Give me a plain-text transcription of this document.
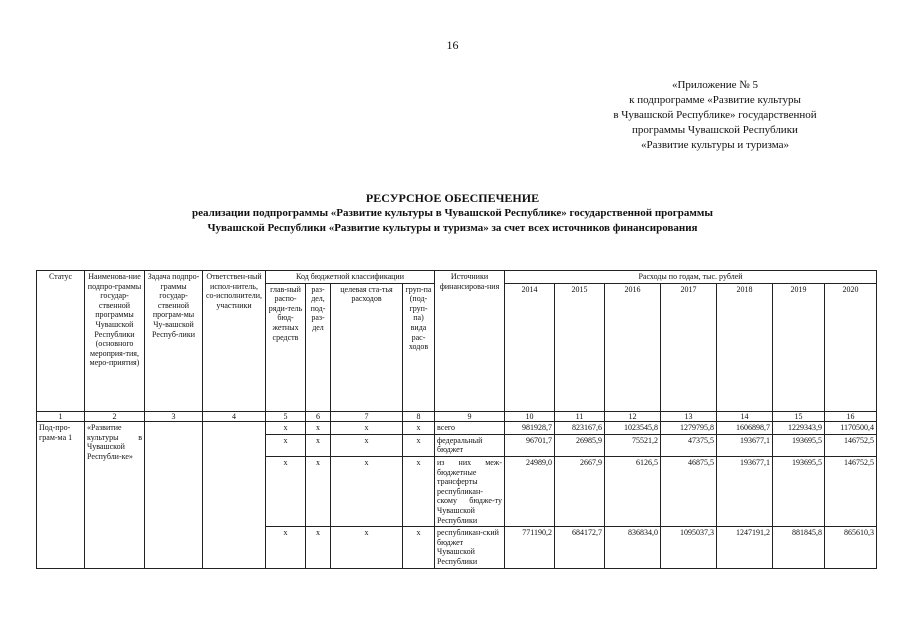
16
«Приложение № 5
к подпрограмме «Развитие культуры
в Чувашской Республике» государственной
программы Чувашской Республики
«Развитие культуры и туризма»
РЕСУРСНОЕ ОБЕСПЕЧЕНИЕ
реализации подпрограммы «Развитие культуры в Чувашской Республике» государственной программы
Чувашской Республики «Развитие культуры и туризма» за счет всех источников финансирования
Статус	Наименова-ние подпро-граммы государ-ственной программы Чувашской Республики (основного мероприя-тия, меро-приятия)	Задача подпро-граммы государ-ственной програм-мы Чу-вашской Респуб-лики	Ответствен-ный испол-нитель, со-исполнители, участники	Код бюджетной классификации				Источники финансирова-ния	Расходы по годам, тыс. рублей						
				глав-ный распо-ряди-тель бюд-жетных средств	раз-дел, под-раз-дел	целевая ста-тья расходов	груп-па (под-груп-па) вида рас-ходов		2014	2015	2016	2017	2018	2019	2020
1	2	3	4	5	6	7	8	9	10	11	12	13	14	15	16
Под-про-грам-ма 1	«Развитие культуры в Чувашской Республи-ке»			х	х	х	х	всего	981928,7	823167,6	1023545,8	1279795,8	1606898,7	1229343,9	1170500,4
				х	х	х	х	федеральный бюджет	96701,7	26985,9	75521,2	47375,5	193677,1	193695,5	146752,5
				х	х	х	х	из них меж-бюджетные трансферты республикан-скому бюдже-ту Чувашской Республики	24989,0	2667,9	6126,5	46875,5	193677,1	193695,5	146752,5
				х	х	х	х	республикан-ский бюджет Чувашской Республики	771190,2	684172,7	836834,0	1095037,3	1247191,2	881845,8	865610,3
